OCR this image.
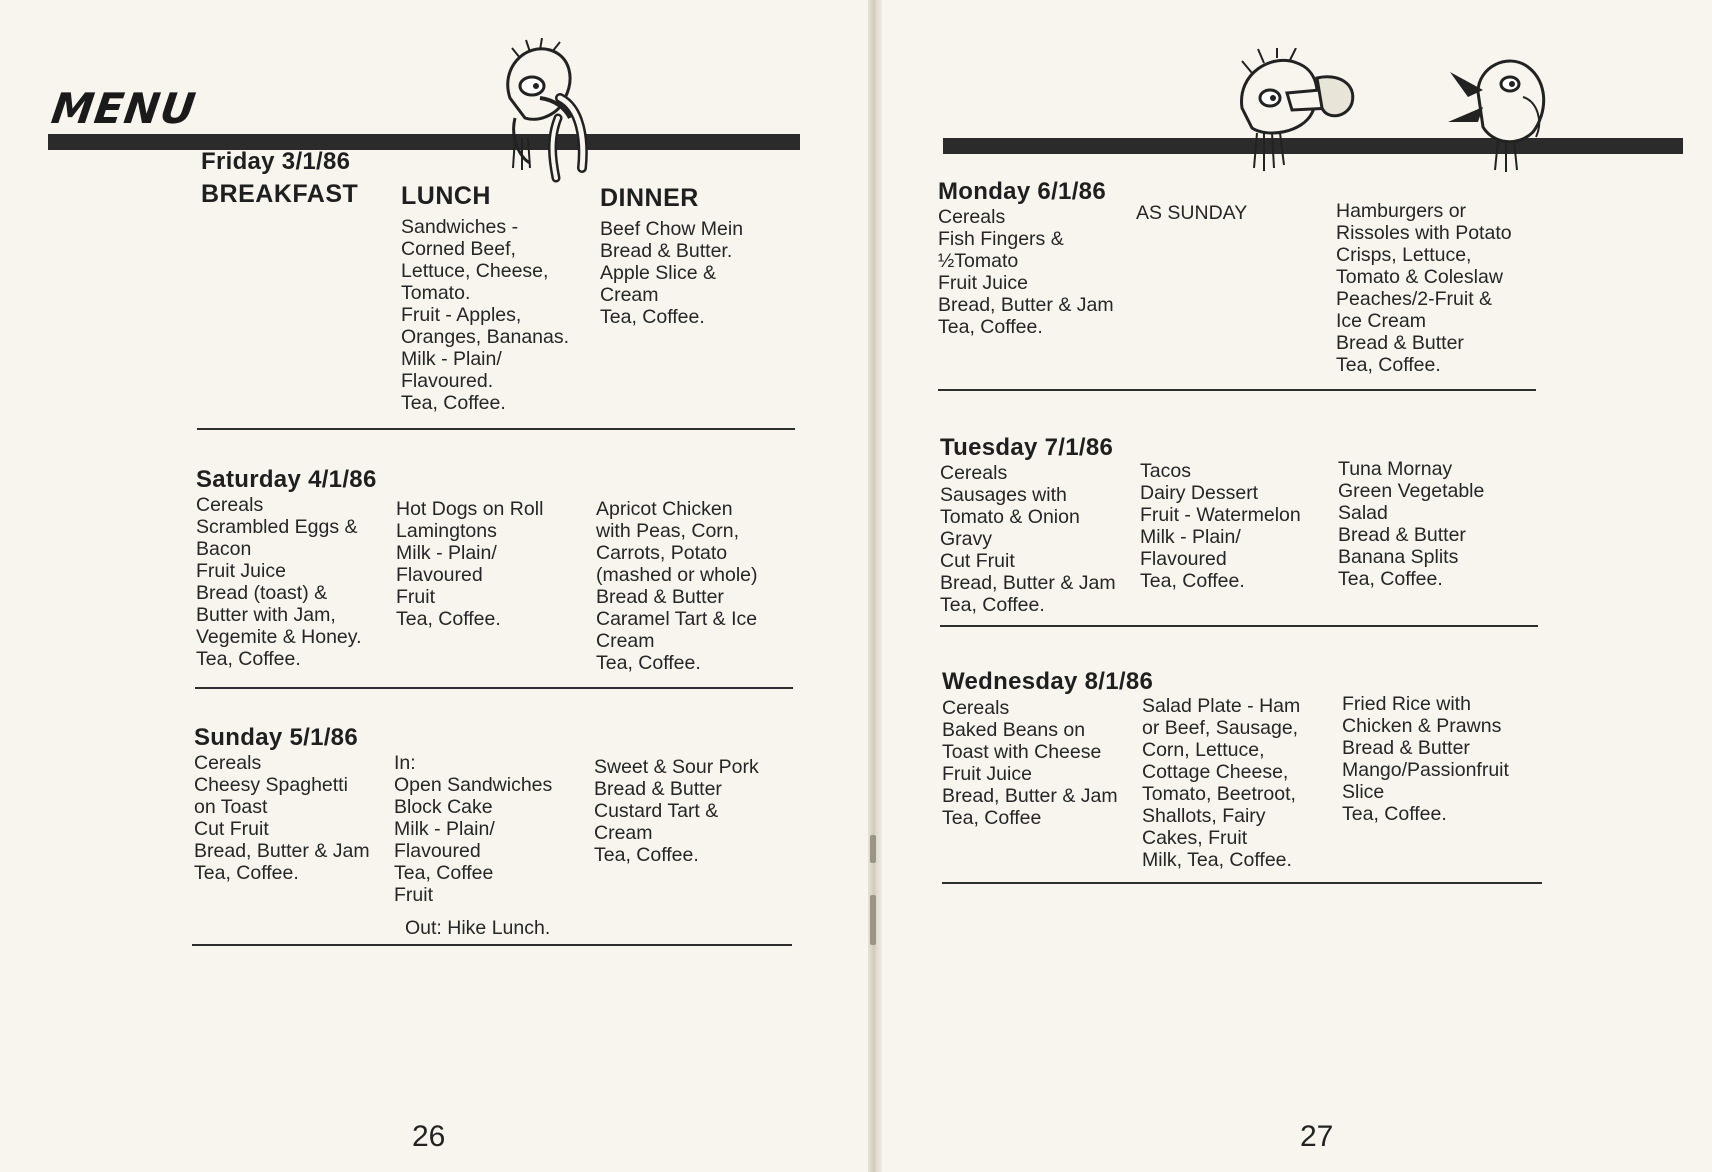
MENU
Friday 3/1/86
BREAKFAST LUNCH	DINNER
Sandwiches -
Corned Beef,
Lettuce, Cheese,
Tomato.
Fruit - Apples,
Oranges, Bananas.
Milk - Plain/
Flavoured.
Tea, Coffee.
Beef Chow Mein
Bread & Butter.
Apple Slice &
Cream
Tea, Coffee.
Saturday 4/1/86
Cereals
Scrambled Eggs &
Bacon
Fruit Juice
Bread (toast) &
Butter with Jam,
Vegemite & Honey.
Tea, Coffee.
Hot Dogs on Roll
Lamingtons
Milk - Plain/
Flavoured
Fruit
Tea, Coffee.
Apricot Chicken
with Peas, Corn,
Carrots, Potato
(mashed or whole)
Bread & Butter
Caramel Tart & Ice
Cream
Tea, Coffee.
Sunday 5/1/86
Cereals
Cheesy Spaghetti
on Toast
Cut Fruit
Bread, Butter & Jam
Tea, Coffee.
In:
Open Sandwiches
Block Cake
Milk - Plain/
Flavoured
Tea, Coffee
Fruit
Out: Hike Lunch.
Sweet & Sour Pork
Bread & Butter
Custard Tart &
Cream
Tea, Coffee.
26
Monday 6/1/86
Cereals
Fish Fingers &
½Tomato
Fruit Juice
Bread, Butter & Jam
Tea, Coffee.
AS SUNDAY	Hamburgers or
Rissoles with Potato
Crisps, Lettuce,
Tomato & Coleslaw
Peaches/2-Fruit &
Ice Cream
Bread & Butter
Tea, Coffee.
Tuesday 7/1/86
Cereals
Sausages with
Tomato & Onion
Gravy
Cut Fruit
Bread, Butter & Jam
Tea, Coffee.
Tacos
Dairy Dessert
Fruit - Watermelon
Milk - Plain/
Flavoured
Tea, Coffee.
Tuna Mornay
Green Vegetable
Salad
Bread & Butter
Banana Splits
Tea, Coffee.
Wednesday 8/1/86
Cereals
Baked Beans on
Toast with Cheese
Fruit Juice
Bread, Butter & Jam
Tea, Coffee
Salad Plate - Ham
or Beef, Sausage,
Corn, Lettuce,
Cottage Cheese,
Tomato, Beetroot,
Shallots, Fairy
Cakes, Fruit
Milk, Tea, Coffee.
Fried Rice with
Chicken & Prawns
Bread & Butter
Mango/Passionfruit
Slice
Tea, Coffee.
27
